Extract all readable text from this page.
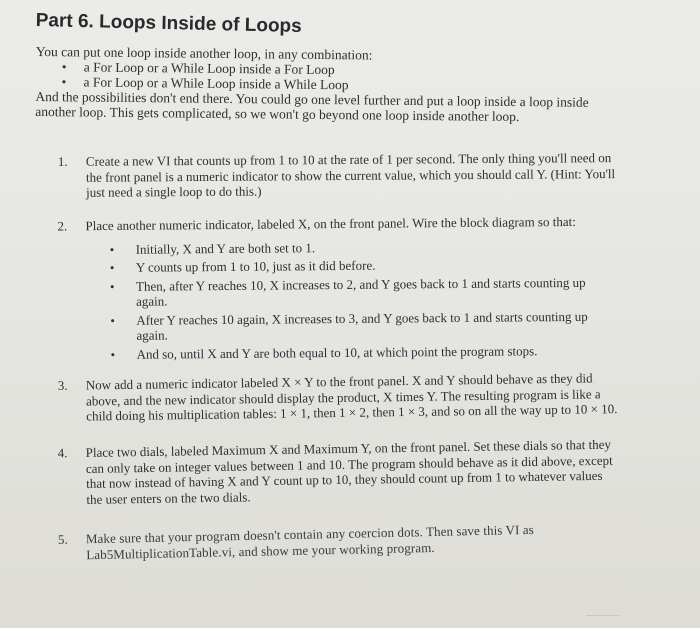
Part 6. Loops Inside of Loops

You can put one loop inside another loop, in any combination:

• a For Loop or a While Loop inside a For Loop
• a For Loop or a While Loop inside a While Loop

And the possibilities don't end there. You could go one level further and put a loop inside a loop inside another loop. This gets complicated, so we won't go beyond one loop inside another loop.

1. Create a new VI that counts up from 1 to 10 at the rate of 1 per second. The only thing you'll need on the front panel is a numeric indicator to show the current value, which you should call Y. (Hint: You'll just need a single loop to do this.)
2. Place another numeric indicator, labeled X, on the front panel. Wire the block diagram so that:
• Initially, X and Y are both set to 1.
• Y counts up from 1 to 10, just as it did before.
• Then, after Y reaches 10, X increases to 2, and Y goes back to 1 and starts counting up again.
• After Y reaches 10 again, X increases to 3, and Y goes back to 1 and starts counting up again.
• And so, until X and Y are both equal to 10, at which point the program stops.
3. Now add a numeric indicator labeled X × Y to the front panel. X and Y should behave as they did above, and the new indicator should display the product, X times Y. The resulting program is like a child doing his multiplication tables: 1 × 1, then 1 × 2, then 1 × 3, and so on all the way up to 10 × 10.
4. Place two dials, labeled Maximum X and Maximum Y, on the front panel. Set these dials so that they can only take on integer values between 1 and 10. The program should behave as it did above, except that now instead of having X and Y count up to 10, they should count up from 1 to whatever values the user enters on the two dials.
5. Make sure that your program doesn't contain any coercion dots. Then save this VI as Lab5MultiplicationTable.vi, and show me your working program.
